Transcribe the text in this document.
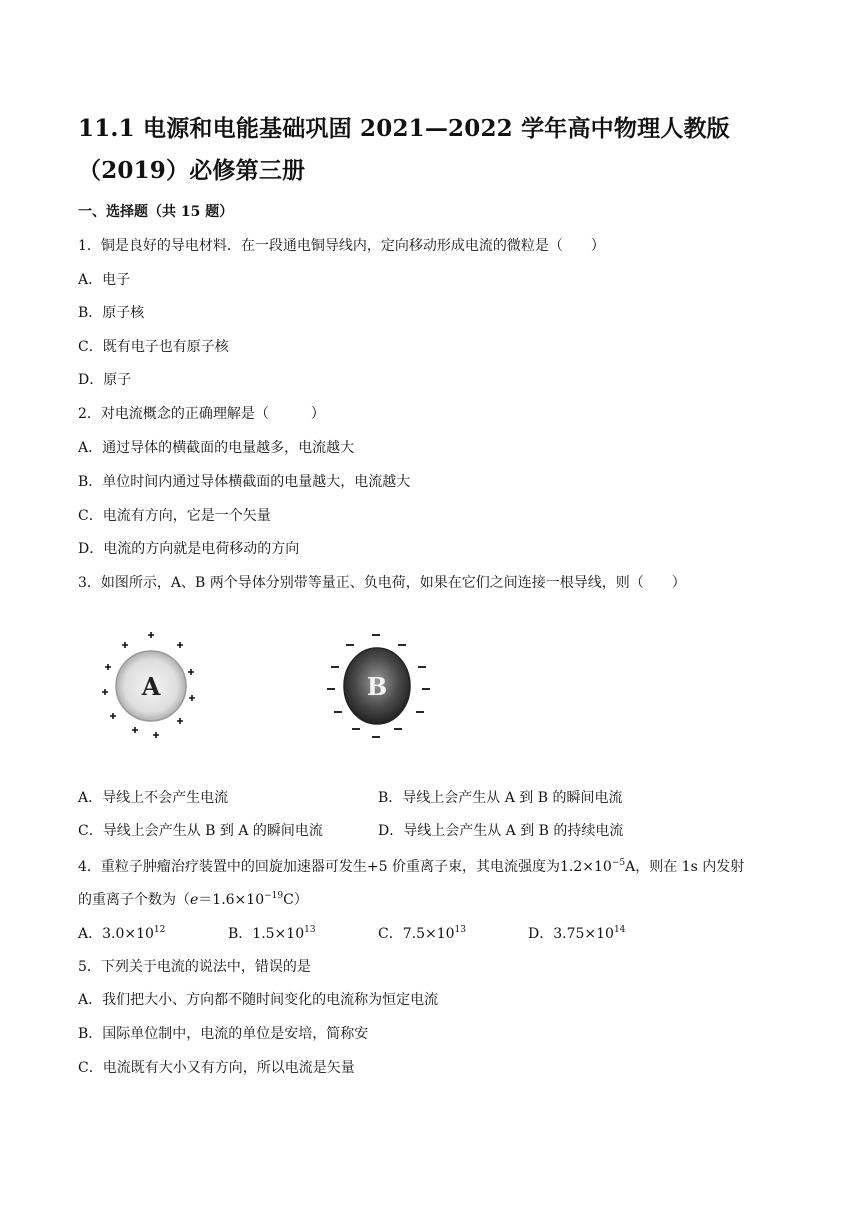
11.1 电源和电能基础巩固 2021—2022 学年高中物理人教版（2019）必修第三册
一、选择题（共 15 题）
1．铜是良好的导电材料．在一段通电铜导线内，定向移动形成电流的微粒是（　　）
A．电子
B．原子核
C．既有电子也有原子核
D．原子
2．对电流概念的正确理解是（　　　）
A．通过导体的横截面的电量越多，电流越大
B．单位时间内通过导体横截面的电量越大，电流越大
C．电流有方向，它是一个矢量
D．电流的方向就是电荷移动的方向
3．如图所示，A、B 两个导体分别带等量正、负电荷，如果在它们之间连接一根导线，则（　　）
A	B
A．导线上不会产生电流	B．导线上会产生从 A 到 B 的瞬间电流
C．导线上会产生从 B 到 A 的瞬间电流	D．导线上会产生从 A 到 B 的持续电流
4．重粒子肿瘤治疗装置中的回旋加速器可发生+5 价重离子束，其电流强度为$1.2\times 10^{-5}A$，则在 1s 内发射
的重离子个数为$(e=1.6\times 10^{-19}C)$
A．$3.0\times 10^{12}$	B．$1.5\times 10^{13}$	C．$7.5\times 10^{13}$	D．$3.75\times 10^{14}$
5．下列关于电流的说法中，错误的是
A．我们把大小、方向都不随时间变化的电流称为恒定电流
B．国际单位制中，电流的单位是安培，简称安
C．电流既有大小又有方向，所以电流是矢量
